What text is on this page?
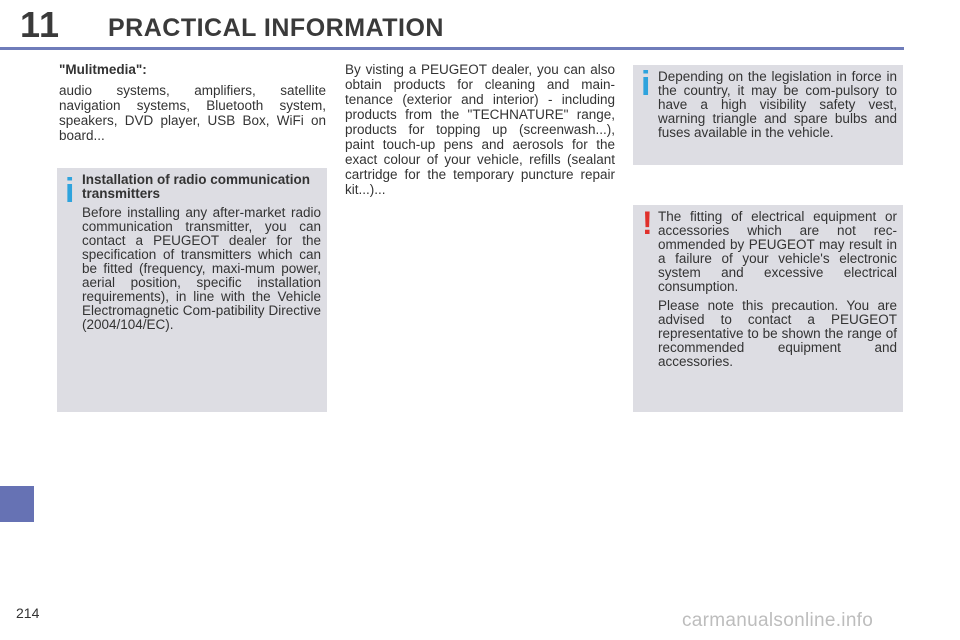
11 PRACTICAL INFORMATION
"Mulitmedia":

audio systems, amplifiers, satellite navigation systems, Bluetooth system, speakers, DVD player, USB Box, WiFi on board...

i Installation of radio communication transmitters

Before installing any after-market radio communication transmitter, you can contact a PEUGEOT dealer for the specification of transmitters which can be fitted (frequency, maxi-mum power, aerial position, specific installation requirements), in line with the Vehicle Electromagnetic Com-patibility Directive (2004/104/EC).

By visting a PEUGEOT dealer, you can also obtain products for cleaning and main-tenance (exterior and interior) - including products from the "TECHNATURE" range, products for topping up (screenwash...), paint touch-up pens and aerosols for the exact colour of your vehicle, refills (sealant cartridge for the temporary puncture repair kit...)...

i Depending on the legislation in force in the country, it may be com-pulsory to have a high visibility safety vest, warning triangle and spare bulbs and fuses available in the vehicle.

! The fitting of electrical equipment or accessories which are not rec-ommended by PEUGEOT may result in a failure of your vehicle's electronic system and excessive electrical consumption.

Please note this precaution. You are advised to contact a PEUGEOT representative to be shown the range of recommended equipment and accessories.

214	carmanualsonline.info
